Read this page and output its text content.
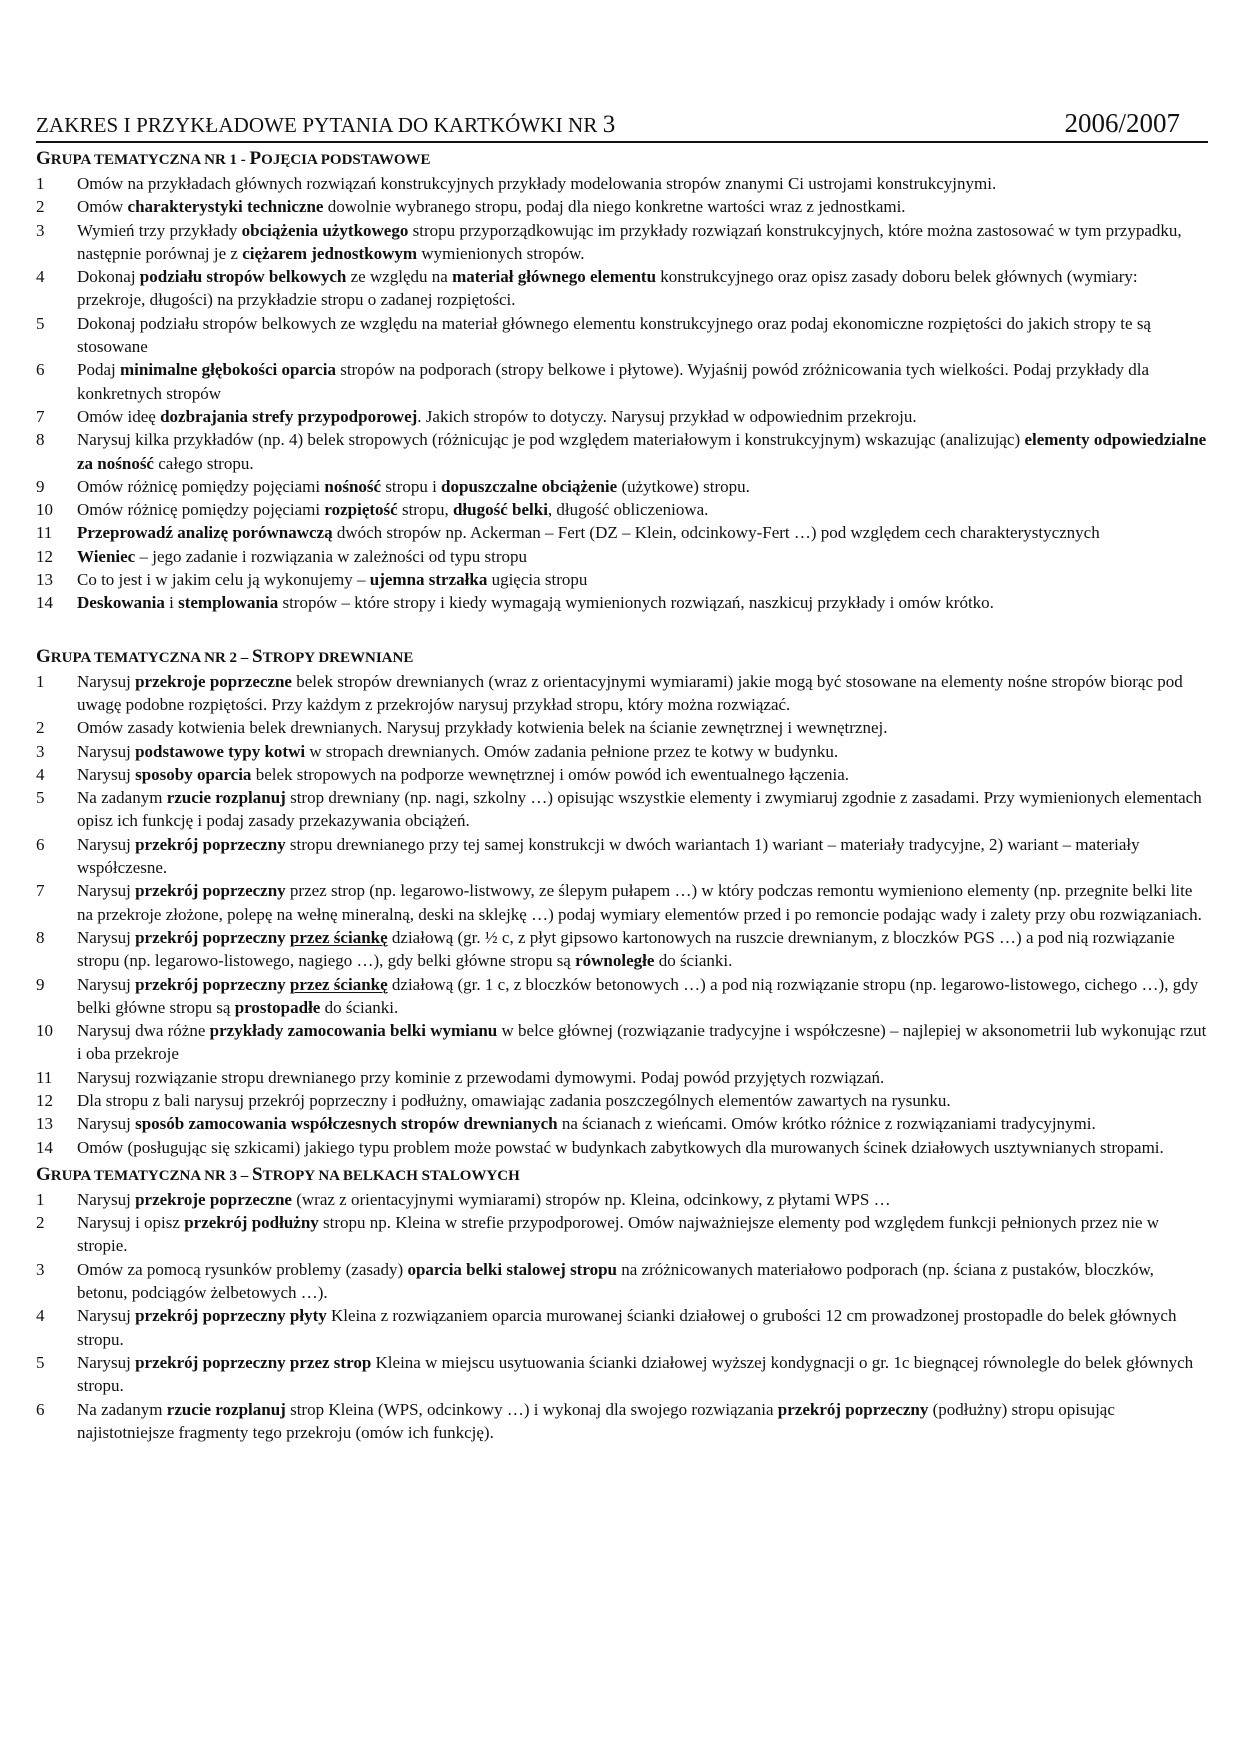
ZAKRES I PRZYKŁADOWE PYTANIA DO KARTKÓWKI NR 3	2006/2007
GRUPA TEMATYCZNA NR 1 - POJĘCIA PODSTAWOWE
1	Omów na przykładach głównych rozwiązań konstrukcyjnych przykłady modelowania stropów znanymi Ci ustrojami konstrukcyjnymi.
2	Omów charakterystyki techniczne dowolnie wybranego stropu, podaj dla niego konkretne wartości wraz z jednostkami.
3	Wymień trzy przykłady obciążenia użytkowego stropu przyporządkowując im przykłady rozwiązań konstrukcyjnych, które można zastosować w tym przypadku, następnie porównaj je z ciężarem jednostkowym wymienionych stropów.
4	Dokonaj podziału stropów belkowych ze względu na materiał głównego elementu konstrukcyjnego oraz opisz zasady doboru belek głównych (wymiary: przekroje, długości) na przykładzie stropu o zadanej rozpiętości.
5	Dokonaj podziału stropów belkowych ze względu na materiał głównego elementu konstrukcyjnego oraz podaj ekonomiczne rozpiętości do jakich stropy te są stosowane
6	Podaj minimalne głębokości oparcia stropów na podporach (stropy belkowe i płytowe). Wyjaśnij powód zróżnicowania tych wielkości. Podaj przykłady dla konkretnych stropów
7	Omów ideę dozbrajania strefy przypodporowej. Jakich stropów to dotyczy. Narysuj przykład w odpowiednim przekroju.
8	Narysuj kilka przykładów (np. 4) belek stropowych (różnicując je pod względem materiałowym i konstrukcyjnym) wskazując (analizując) elementy odpowiedzialne za nośność całego stropu.
9	Omów różnicę pomiędzy pojęciami nośność stropu i dopuszczalne obciążenie (użytkowe) stropu.
10	Omów różnicę pomiędzy pojęciami rozpiętość stropu, długość belki, długość obliczeniowa.
11	Przeprowadź analizę porównawczą dwóch stropów np. Ackerman – Fert (DZ – Klein, odcinkowy-Fert …) pod względem cech charakterystycznych
12	Wieniec – jego zadanie i rozwiązania w zależności od typu stropu
13	Co to jest i w jakim celu ją wykonujemy – ujemna strzałka ugięcia stropu
14	Deskowania i stemplowania stropów – które stropy i kiedy wymagają wymienionych rozwiązań, naszkicuj przykłady i omów krótko.
GRUPA TEMATYCZNA NR 2 – STROPY DREWNIANE
1	Narysuj przekroje poprzeczne belek stropów drewnianych (wraz z orientacyjnymi wymiarami) jakie mogą być stosowane na elementy nośne stropów biorąc pod uwagę podobne rozpiętości. Przy każdym z przekrojów narysuj przykład stropu, który można rozwiązać.
2	Omów zasady kotwienia belek drewnianych. Narysuj przykłady kotwienia belek na ścianie zewnętrznej i wewnętrznej.
3	Narysuj podstawowe typy kotwi w stropach drewnianych. Omów zadania pełnione przez te kotwy w budynku.
4	Narysuj sposoby oparcia belek stropowych na podporze wewnętrznej i omów powód ich ewentualnego łączenia.
5	Na zadanym rzucie rozplanuj strop drewniany (np. nagi, szkolny …) opisując wszystkie elementy i zwymiaruj zgodnie z zasadami. Przy wymienionych elementach opisz ich funkcję i podaj zasady przekazywania obciążeń.
6	Narysuj przekrój poprzeczny stropu drewnianego przy tej samej konstrukcji w dwóch wariantach 1) wariant – materiały tradycyjne, 2) wariant – materiały współczesne.
7	Narysuj przekrój poprzeczny przez strop (np. legarowo-listwowy, ze ślepym pułapem …) w który podczas remontu wymieniono elementy (np. przegnite belki lite na przekroje złożone, polepę na wełnę mineralną, deski na sklejkę …) podaj wymiary elementów przed i po remoncie podając wady i zalety przy obu rozwiązaniach.
8	Narysuj przekrój poprzeczny przez ściankę działową (gr. ½ c, z płyt gipsowo kartonowych na ruszcie drewnianym, z bloczków PGS …) a pod nią rozwiązanie stropu (np. legarowo-listowego, nagiego …), gdy belki główne stropu są równoległe do ścianki.
9	Narysuj przekrój poprzeczny przez ściankę działową (gr. 1 c, z bloczków betonowych …) a pod nią rozwiązanie stropu (np. legarowo-listowego, cichego …), gdy belki główne stropu są prostopadłe do ścianki.
10	Narysuj dwa różne przykłady zamocowania belki wymianu w belce głównej (rozwiązanie tradycyjne i współczesne) – najlepiej w aksonometrii lub wykonując rzut i oba przekroje
11	Narysuj rozwiązanie stropu drewnianego przy kominie z przewodami dymowymi. Podaj powód przyjętych rozwiązań.
12	Dla stropu z bali narysuj przekrój poprzeczny i podłużny, omawiając zadania poszczególnych elementów zawartych na rysunku.
13	Narysuj sposób zamocowania współczesnych stropów drewnianych na ścianach z wieńcami. Omów krótko różnice z rozwiązaniami tradycyjnymi.
14	Omów (posługując się szkicami) jakiego typu problem może powstać w budynkach zabytkowych dla murowanych ścinek działowych usztywnianych stropami.
GRUPA TEMATYCZNA NR 3 – STROPY NA BELKACH STALOWYCH
1	Narysuj przekroje poprzeczne (wraz z orientacyjnymi wymiarami) stropów np. Kleina, odcinkowy, z płytami WPS …
2	Narysuj i opisz przekrój podłużny stropu np. Kleina w strefie przypodporowej. Omów najważniejsze elementy pod względem funkcji pełnionych przez nie w stropie.
3	Omów za pomocą rysunków problemy (zasady) oparcia belki stalowej stropu na zróżnicowanych materiałowo podporach (np. ściana z pustaków, bloczków, betonu, podciągów żelbetowych …).
4	Narysuj przekrój poprzeczny płyty Kleina z rozwiązaniem oparcia murowanej ścianki działowej o grubości 12 cm prowadzonej prostopadle do belek głównych stropu.
5	Narysuj przekrój poprzeczny przez strop Kleina w miejscu usytuowania ścianki działowej wyższej kondygnacji o gr. 1c biegnącej równolegle do belek głównych stropu.
6	Na zadanym rzucie rozplanuj strop Kleina (WPS, odcinkowy …) i wykonaj dla swojego rozwiązania przekrój poprzeczny (podłużny) stropu opisując najistotniejsze fragmenty tego przekroju (omów ich funkcję).
